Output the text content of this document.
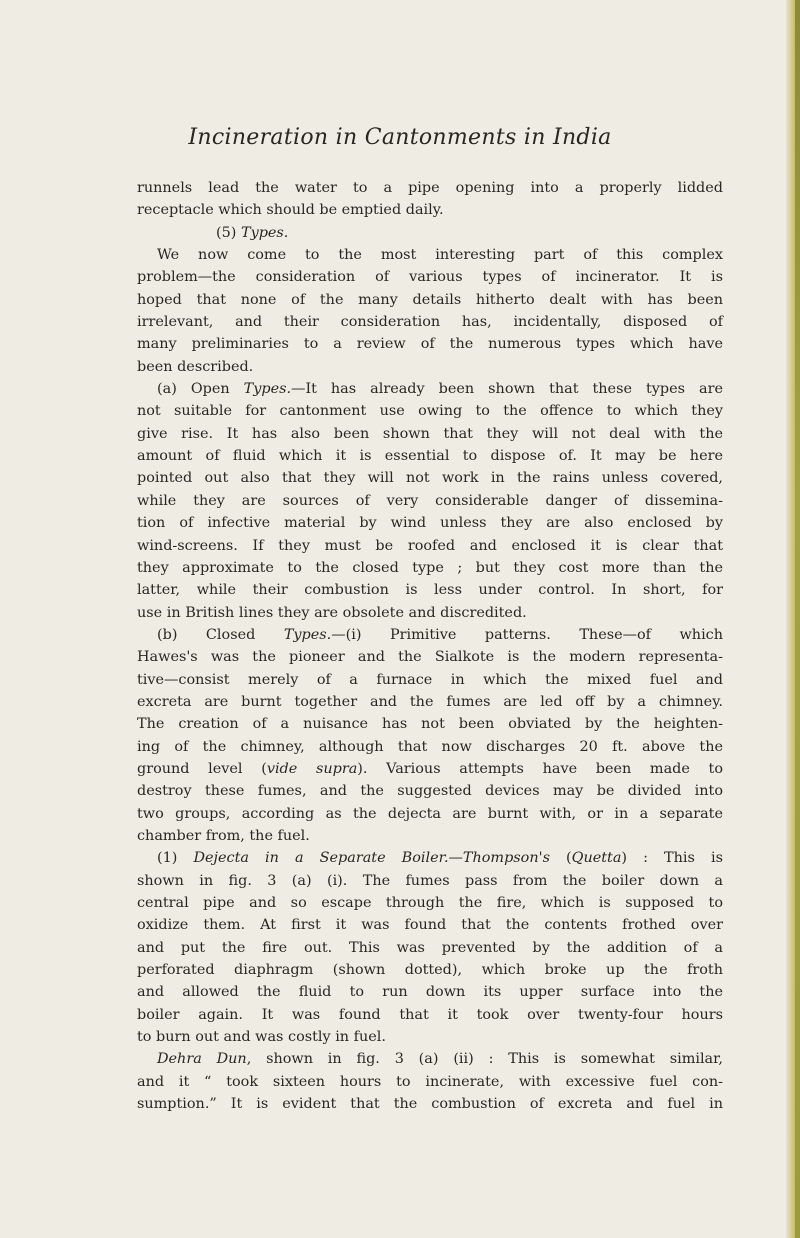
Incineration in Cantonments in India
runnels lead the water to a pipe opening into a properly lidded
receptacle which should be emptied daily.
(5) Types.
We now come to the most interesting part of this complex
problem—the consideration of various types of incinerator. It is
hoped that none of the many details hitherto dealt with has been
irrelevant, and their consideration has, incidentally, disposed of
many preliminaries to a review of the numerous types which have
been described.
(a) Open Types.—It has already been shown that these types are
not suitable for cantonment use owing to the offence to which they
give rise. It has also been shown that they will not deal with the
amount of fluid which it is essential to dispose of. It may be here
pointed out also that they will not work in the rains unless covered,
while they are sources of very considerable danger of dissemina-
tion of infective material by wind unless they are also enclosed by
wind-screens. If they must be roofed and enclosed it is clear that
they approximate to the closed type ; but they cost more than the
latter, while their combustion is less under control. In short, for
use in British lines they are obsolete and discredited.
(b) Closed Types.—(i) Primitive patterns. These—of which
Hawes's was the pioneer and the Sialkote is the modern representa-
tive—consist merely of a furnace in which the mixed fuel and
excreta are burnt together and the fumes are led off by a chimney.
The creation of a nuisance has not been obviated by the heighten-
ing of the chimney, although that now discharges 20 ft. above the
ground level (vide supra). Various attempts have been made to
destroy these fumes, and the suggested devices may be divided into
two groups, according as the dejecta are burnt with, or in a separate
chamber from, the fuel.
(1) Dejecta in a Separate Boiler.—Thompson's (Quetta) : This is
shown in fig. 3 (a) (i). The fumes pass from the boiler down a
central pipe and so escape through the fire, which is supposed to
oxidize them. At first it was found that the contents frothed over
and put the fire out. This was prevented by the addition of a
perforated diaphragm (shown dotted), which broke up the froth
and allowed the fluid to run down its upper surface into the
boiler again. It was found that it took over twenty-four hours
to burn out and was costly in fuel.
Dehra Dun, shown in fig. 3 (a) (ii) : This is somewhat similar,
and it “ took sixteen hours to incinerate, with excessive fuel con-
sumption.” It is evident that the combustion of excreta and fuel in
